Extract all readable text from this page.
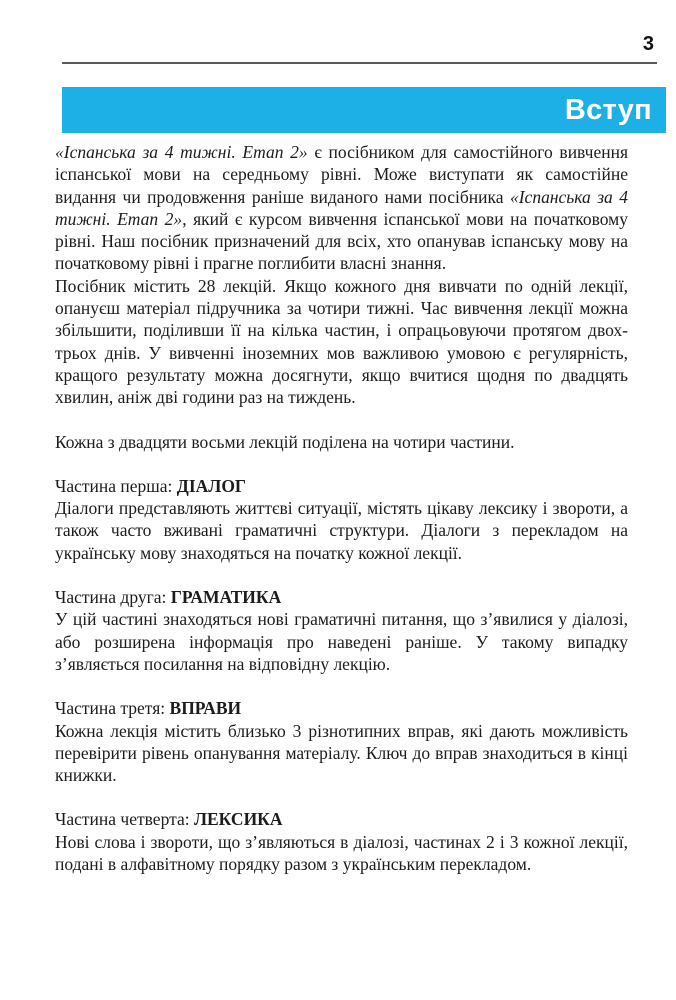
3
Вступ

«Іспанська за 4 тижні. Етап 2» є посібником для самостійного вивчення іспанської мови на середньому рівні. Може виступати як самостійне видання чи продовження раніше виданого нами посібника «Іспанська за 4 тижні. Етап 2», який є курсом вивчення іспанської мови на початковому рівні. Наш посібник призначений для всіх, хто опанував іспанську мову на початковому рівні і прагне поглибити власні знання.

Посібник містить 28 лекцій. Якщо кожного дня вивчати по одній лекції, опануєш матеріал підручника за чотири тижні. Час вивчення лекції можна збільшити, поділивши її на кілька частин, і опрацьовуючи протягом двох-трьох днів. У вивченні іноземних мов важливою умовою є регулярність, кращого результату можна досягнути, якщо вчитися щодня по двадцять хвилин, аніж дві години раз на тиждень.

Кожна з двадцяти восьми лекцій поділена на чотири частини.

Частина перша: ДІАЛОГ

Діалоги представляють життєві ситуації, містять цікаву лексику і звороти, а також часто вживані граматичні структури. Діалоги з перекладом на українську мову знаходяться на початку кожної лекції.

Частина друга: ГРАМАТИКА

У цій частині знаходяться нові граматичні питання, що з’явилися у діалозі, або розширена інформація про наведені раніше. У такому випадку з’являється посилання на відповідну лекцію.

Частина третя: ВПРАВИ

Кожна лекція містить близько 3 різнотипних вправ, які дають можливість перевірити рівень опанування матеріалу. Ключ до вправ знаходиться в кінці книжки.

Частина четверта: ЛЕКСИКА

Нові слова і звороти, що з’являються в діалозі, частинах 2 і 3 кожної лекції, подані в алфавітному порядку разом з українським перекладом.
